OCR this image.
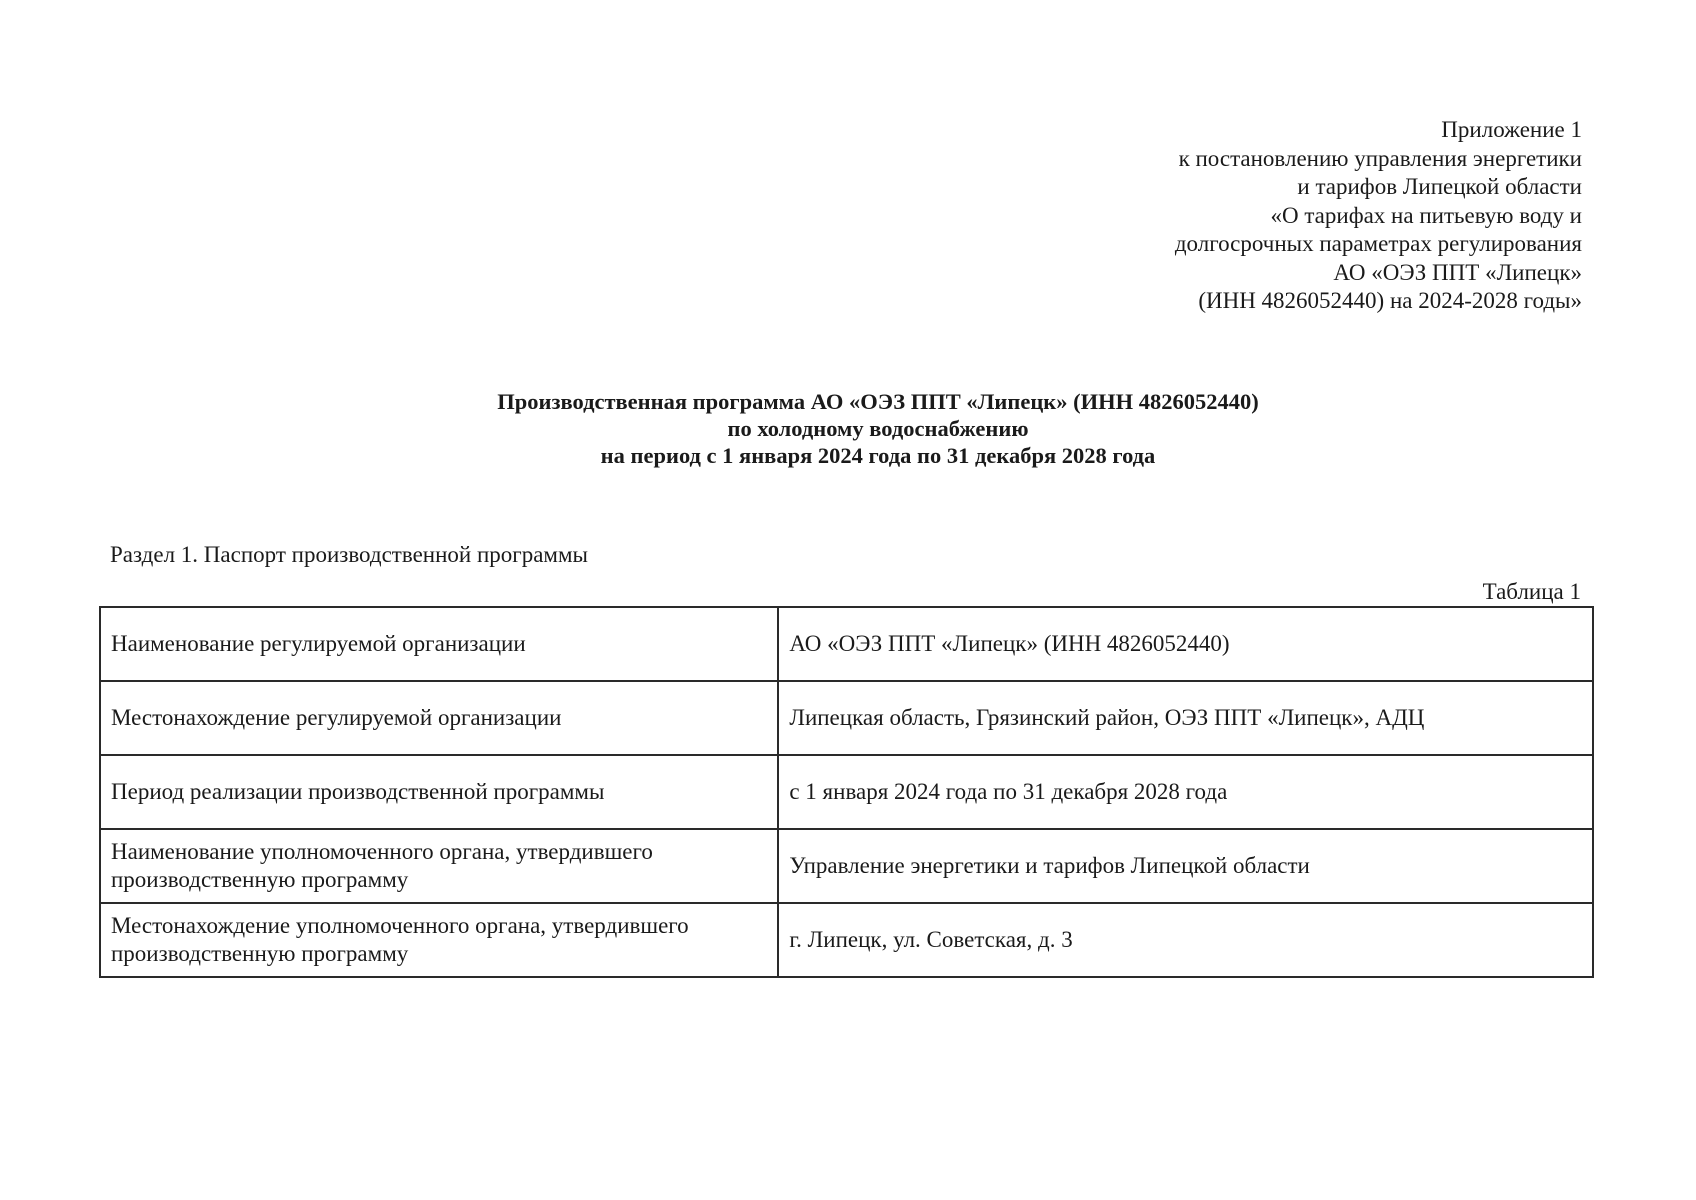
Приложение 1
к постановлению управления энергетики
и тарифов Липецкой области
«О тарифах на питьевую воду и
долгосрочных параметрах регулирования
АО «ОЭЗ ППТ «Липецк»
(ИНН 4826052440) на 2024-2028 годы»
Производственная программа АО «ОЭЗ ППТ «Липецк» (ИНН 4826052440)
по холодному водоснабжению
на период с 1 января 2024 года по 31 декабря 2028 года
Раздел 1. Паспорт производственной программы
Таблица 1
Наименование регулируемой организации	АО «ОЭЗ ППТ «Липецк» (ИНН 4826052440)
Местонахождение регулируемой организации	Липецкая область, Грязинский район, ОЭЗ ППТ «Липецк», АДЦ
Период реализации производственной программы	с 1 января 2024 года по 31 декабря 2028 года
Наименование уполномоченного органа, утвердившего производственную программу	Управление энергетики и тарифов Липецкой области
Местонахождение уполномоченного органа, утвердившего производственную программу	г. Липецк, ул. Советская, д. 3
